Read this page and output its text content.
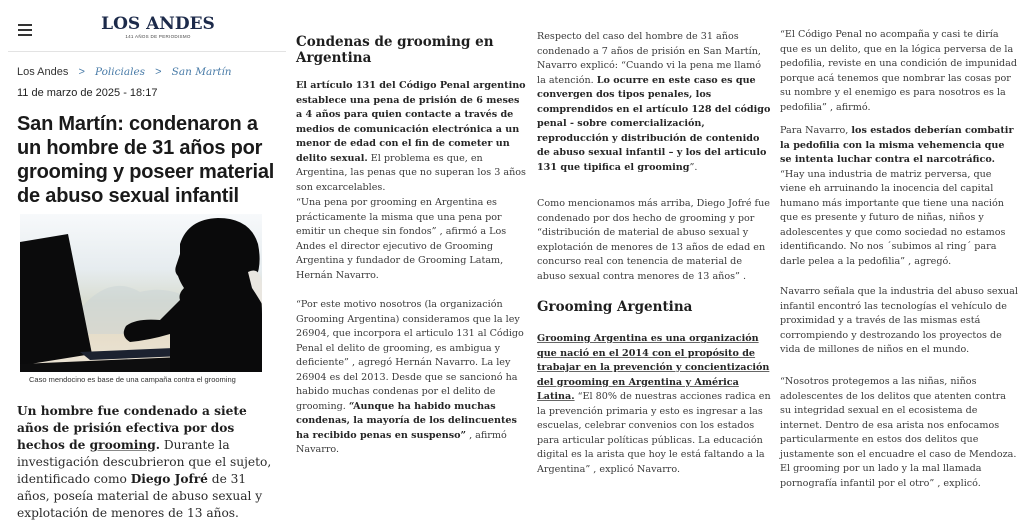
LOS ANDES
141 AÑOS DE PERIODISMO
Los Andes > Policiales > San Martín
11 de marzo de 2025 - 18:17
San Martín: condenaron a un hombre de 31 años por grooming y poseer material de abuso sexual infantil
Caso mendocino es base de una campaña contra el grooming

Un hombre fue condenado a siete años de prisión efectiva por dos hechos de grooming. Durante la investigación descubrieron que el sujeto, identificado como Diego Jofré de 31 años, poseía material de abuso sexual y explotación de menores de 13 años.

Condenas de grooming en Argentina

El artículo 131 del Código Penal argentino establece una pena de prisión de 6 meses a 4 años para quien contacte a través de medios de comunicación electrónica a un menor de edad con el fin de cometer un delito sexual. El problema es que, en Argentina, las penas que no superan los 3 años son excarcelables.

“Una pena por grooming en Argentina es prácticamente la misma que una pena por emitir un cheque sin fondos” , afirmó a Los Andes el director ejecutivo de Grooming Argentina y fundador de Grooming Latam, Hernán Navarro.

“Por este motivo nosotros (la organización Grooming Argentina) consideramos que la ley 26904, que incorpora el articulo 131 al Código Penal el delito de grooming, es ambigua y deficiente” , agregó Hernán Navarro. La ley 26904 es del 2013. Desde que se sancionó ha habido muchas condenas por el delito de grooming. “Aunque ha habido muchas condenas, la mayoría de los delincuentes ha recibido penas en suspenso” , afirmó Navarro.

Respecto del caso del hombre de 31 años condenado a 7 años de prisión en San Martín, Navarro explicó: “Cuando vi la pena me llamó la atención. Lo ocurre en este caso es que convergen dos tipos penales, los comprendidos en el artículo 128 del código penal - sobre comercialización, reproducción y distribución de contenido de abuso sexual infantil – y los del articulo 131 que tipifica el grooming”.

Como mencionamos más arriba, Diego Jofré fue condenado por dos hecho de grooming y por “distribución de material de abuso sexual y explotación de menores de 13 años de edad en concurso real con tenencia de material de abuso sexual contra menores de 13 años” .

Grooming Argentina

Grooming Argentina es una organización que nació en el 2014 con el propósito de trabajar en la prevención y concientización del grooming en Argentina y América Latina. “El 80% de nuestras acciones radica en la prevención primaria y esto es ingresar a las escuelas, celebrar convenios con los estados para articular políticas públicas. La educación digital es la arista que hoy le está faltando a la Argentina” , explicó Navarro.

“El Código Penal no acompaña y casi te diría que es un delito, que en la lógica perversa de la pedofilia, reviste en una condición de impunidad porque acá tenemos que nombrar las cosas por su nombre y el enemigo es para nosotros es la pedofilia” , afirmó.

Para Navarro, los estados deberían combatir la pedofilia con la misma vehemencia que se intenta luchar contra el narcotráfico. “Hay una industria de matriz perversa, que viene eh arruinando la inocencia del capital humano más importante que tiene una nación que es presente y futuro de niñas, niños y adolescentes y que como sociedad no estamos identificando. No nos ´subimos al ring´ para darle pelea a la pedofilia” , agregó.

Navarro señala que la industria del abuso sexual infantil encontró las tecnologías el vehículo de proximidad y a través de las mismas está corrompiendo y destrozando los proyectos de vida de millones de niños en el mundo.

“Nosotros protegemos a las niñas, niños adolescentes de los delitos que atenten contra su integridad sexual en el ecosistema de internet. Dentro de esa arista nos enfocamos particularmente en estos dos delitos que justamente son el encuadre el caso de Mendoza. El grooming por un lado y la mal llamada pornografía infantil por el otro” , explicó.
